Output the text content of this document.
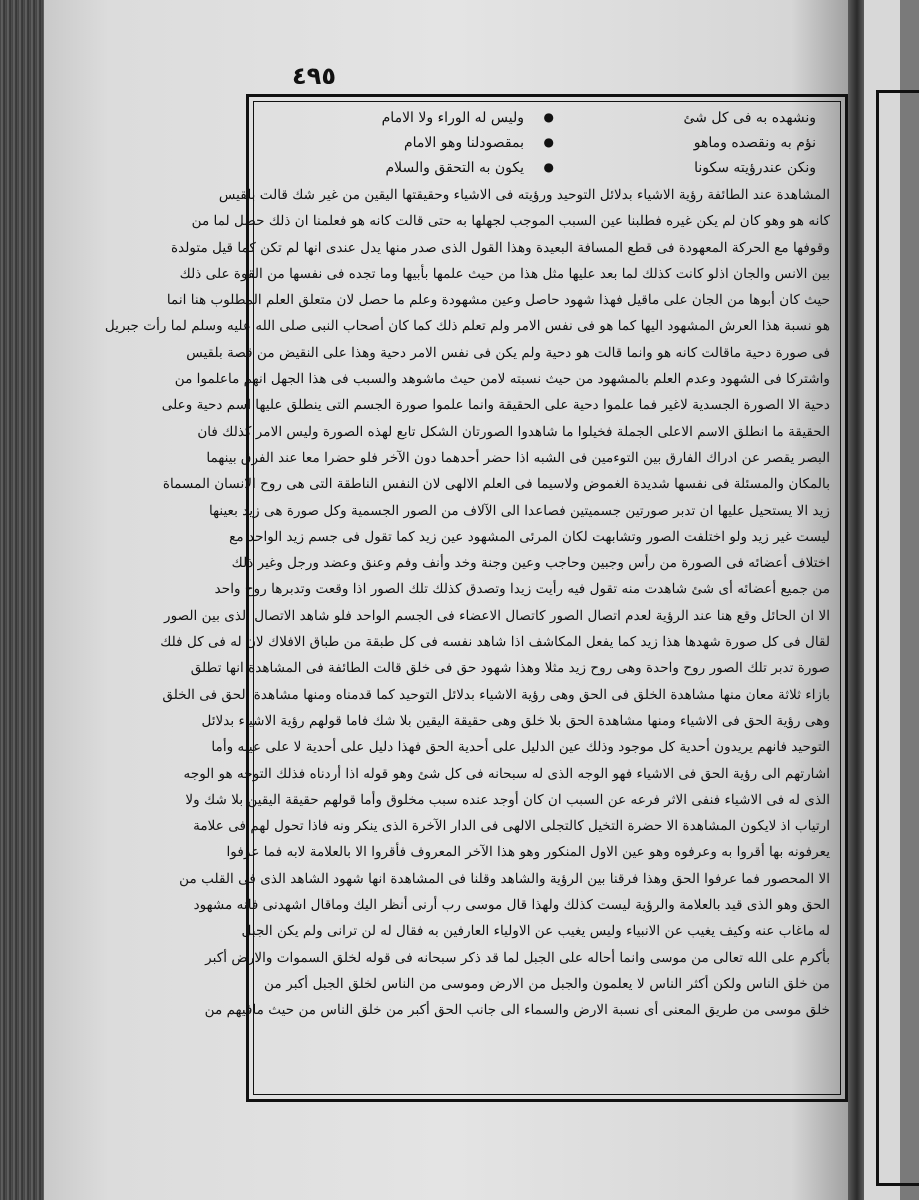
٤٩٥
ونشهده به فى كل شئ
●
وليس له الوراء ولا الامام
نؤم به ونقصده وماهو
●
بمقصودلنا وهو الامام
ونكن عندرؤيته سكونا
●
يكون به التحقق والسلام
المشاهدة عند الطائفة رؤية الاشياء بدلائل التوحيد ورؤيته فى الاشياء وحقيقتها اليقين من غير شك قالت بلقيس
كانه هو وهو كان لم يكن غيره فطلبنا عين السبب الموجب لجهلها به حتى قالت كانه هو فعلمنا ان ذلك حصل لما من
وقوفها مع الحركة المعهودة فى قطع المسافة البعيدة وهذا القول الذى صدر منها يدل عندى انها لم تكن كما قيل متولدة
بين الانس والجان اذلو كانت كذلك لما بعد عليها مثل هذا من حيث علمها بأبيها وما تجده فى نفسها من القوة على ذلك
حيث كان أبوها من الجان على ماقيل فهذا شهود حاصل وعين مشهودة وعلم ما حصل لان متعلق العلم المطلوب هنا انما
هو نسبة هذا العرش المشهود اليها كما هو فى نفس الامر ولم تعلم ذلك كما كان أصحاب النبى صلى الله عليه وسلم لما رأت جبريل
فى صورة دحية ماقالت كانه هو وانما قالت هو دحية ولم يكن فى نفس الامر دحية وهذا على النقيض من قصة بلقيس
واشتركا فى الشهود وعدم العلم بالمشهود من حيث نسبته لامن حيث ماشوهد والسبب فى هذا الجهل انهم ماعلموا من
دحية الا الصورة الجسدية لاغير فما علموا دحية على الحقيقة وانما علموا صورة الجسم التى ينطلق عليها اسم دحية وعلى
الحقيقة ما انطلق الاسم الاعلى الجملة فخيلوا ما شاهدوا الصورتان الشكل تابع لهذه الصورة وليس الامر كذلك فان
البصر يقصر عن ادراك الفارق بين التوءمين فى الشبه اذا حضر أحدهما دون الآخر فلو حضرا معا عند الفرق بينهما
بالمكان والمسئلة فى نفسها شديدة الغموض ولاسيما فى العلم الالهى لان النفس الناطقة التى هى روح الانسان المسماة
زيد الا يستحيل عليها ان تدبر صورتين جسميتين فصاعدا الى الآلاف من الصور الجسمية وكل صورة هى زيد بعينها
ليست غير زيد ولو اختلفت الصور وتشابهت لكان المرئى المشهود عين زيد كما تقول فى جسم زيد الواحد مع
اختلاف أعضائه فى الصورة من رأس وجبين وحاجب وعين وجنة وخد وأنف وفم وعنق وعضد ورجل وغير ذلك
من جميع أعضائه أى شئ شاهدت منه تقول فيه رأيت زيدا وتصدق كذلك تلك الصور اذا وقعت وتدبرها روح واحد
الا ان الحائل وقع هنا عند الرؤية لعدم اتصال الصور كاتصال الاعضاء فى الجسم الواحد فلو شاهد الاتصال الذى بين الصور
لقال فى كل صورة شهدها هذا زيد كما يفعل المكاشف اذا شاهد نفسه فى كل طبقة من طباق الافلاك لان له فى كل فلك
صورة تدبر تلك الصور روح واحدة وهى روح زيد مثلا وهذا شهود حق فى خلق قالت الطائفة فى المشاهدة انها تطلق
بازاء ثلاثة معان منها مشاهدة الخلق فى الحق وهى رؤية الاشياء بدلائل التوحيد كما قدمناه ومنها مشاهدة الحق فى الخلق
وهى رؤية الحق فى الاشياء ومنها مشاهدة الحق بلا خلق وهى حقيقة اليقين بلا شك فاما قولهم رؤية الاشياء بدلائل
التوحيد فانهم يريدون أحدية كل موجود وذلك عين الدليل على أحدية الحق فهذا دليل على أحدية لا على عينه وأما
اشارتهم الى رؤية الحق فى الاشياء فهو الوجه الذى له سبحانه فى كل شئ وهو قوله اذا أردناه فذلك التوجه هو الوجه
الذى له فى الاشياء فنفى الاثر فرعه عن السبب ان كان أوجد عنده سبب مخلوق وأما قولهم حقيقة اليقين بلا شك ولا
ارتياب اذ لايكون المشاهدة الا حضرة التخيل كالتجلى الالهى فى الدار الآخرة الذى ينكر ونه فاذا تحول لهم فى علامة
يعرفونه بها أقروا به وعرفوه وهو عين الاول المنكور وهو هذا الآخر المعروف فأقروا الا بالعلامة لابه فما عرفوا
الا المحصور فما عرفوا الحق وهذا فرقنا بين الرؤية والشاهد وقلنا فى المشاهدة انها شهود الشاهد الذى فى القلب من
الحق وهو الذى قيد بالعلامة والرؤية ليست كذلك ولهذا قال موسى رب أرنى أنظر اليك وماقال اشهدنى فانه مشهود
له ماغاب عنه وكيف يغيب عن الانبياء وليس يغيب عن الاولياء العارفين به فقال له لن ترانى ولم يكن الجبل
بأكرم على الله تعالى من موسى وانما أحاله على الجبل لما قد ذكر سبحانه فى قوله لخلق السموات والارض أكبر
من خلق الناس ولكن أكثر الناس لا يعلمون والجبل من الارض وموسى من الناس لخلق الجبل أكبر من
خلق موسى من طريق المعنى أى نسبة الارض والسماء الى جانب الحق أكبر من خلق الناس من حيث مافيهم من
